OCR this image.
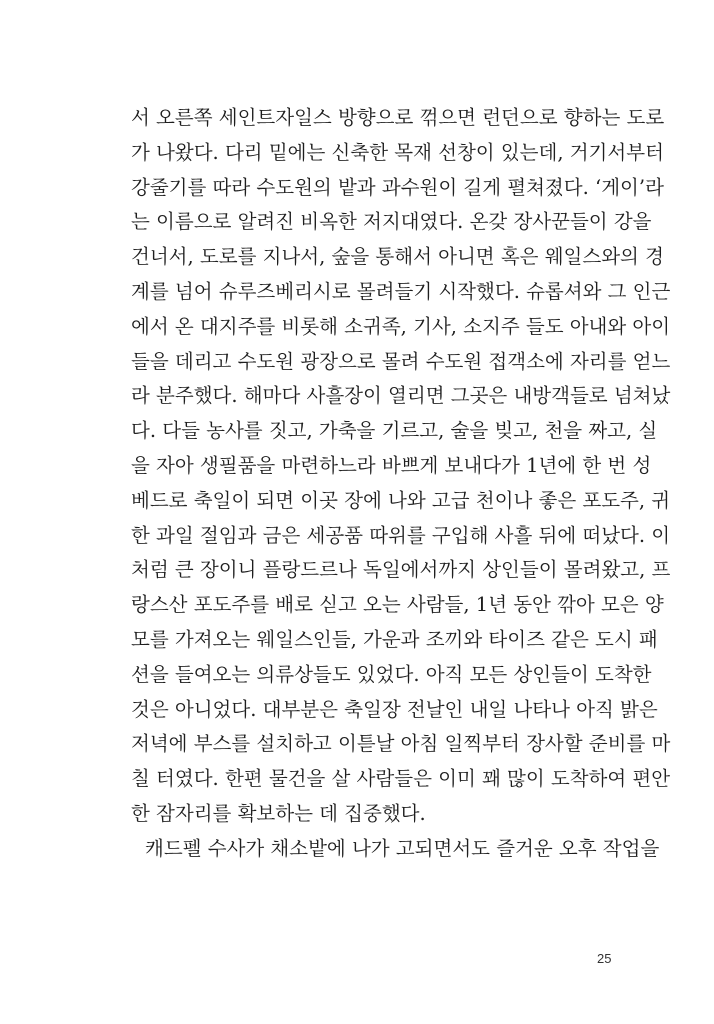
서 오른쪽 세인트자일스 방향으로 꺾으면 런던으로 향하는 도로
가 나왔다. 다리 밑에는 신축한 목재 선창이 있는데, 거기서부터
강줄기를 따라 수도원의 밭과 과수원이 길게 펼쳐졌다. ‘게이’라
는 이름으로 알려진 비옥한 저지대였다. 온갖 장사꾼들이 강을
건너서, 도로를 지나서, 숲을 통해서 아니면 혹은 웨일스와의 경
계를 넘어 슈루즈베리시로 몰려들기 시작했다. 슈롭셔와 그 인근
에서 온 대지주를 비롯해 소귀족, 기사, 소지주 들도 아내와 아이
들을 데리고 수도원 광장으로 몰려 수도원 접객소에 자리를 얻느
라 분주했다. 해마다 사흘장이 열리면 그곳은 내방객들로 넘쳐났
다. 다들 농사를 짓고, 가축을 기르고, 술을 빚고, 천을 짜고, 실
을 자아 생필품을 마련하느라 바쁘게 보내다가 1년에 한 번 성
베드로 축일이 되면 이곳 장에 나와 고급 천이나 좋은 포도주, 귀
한 과일 절임과 금은 세공품 따위를 구입해 사흘 뒤에 떠났다. 이
처럼 큰 장이니 플랑드르나 독일에서까지 상인들이 몰려왔고, 프
랑스산 포도주를 배로 싣고 오는 사람들, 1년 동안 깎아 모은 양
모를 가져오는 웨일스인들, 가운과 조끼와 타이즈 같은 도시 패
션을 들여오는 의류상들도 있었다. 아직 모든 상인들이 도착한
것은 아니었다. 대부분은 축일장 전날인 내일 나타나 아직 밝은
저녁에 부스를 설치하고 이튿날 아침 일찍부터 장사할 준비를 마
칠 터였다. 한편 물건을 살 사람들은 이미 꽤 많이 도착하여 편안
한 잠자리를 확보하는 데 집중했다.
캐드펠 수사가 채소밭에 나가 고되면서도 즐거운 오후 작업을
25
